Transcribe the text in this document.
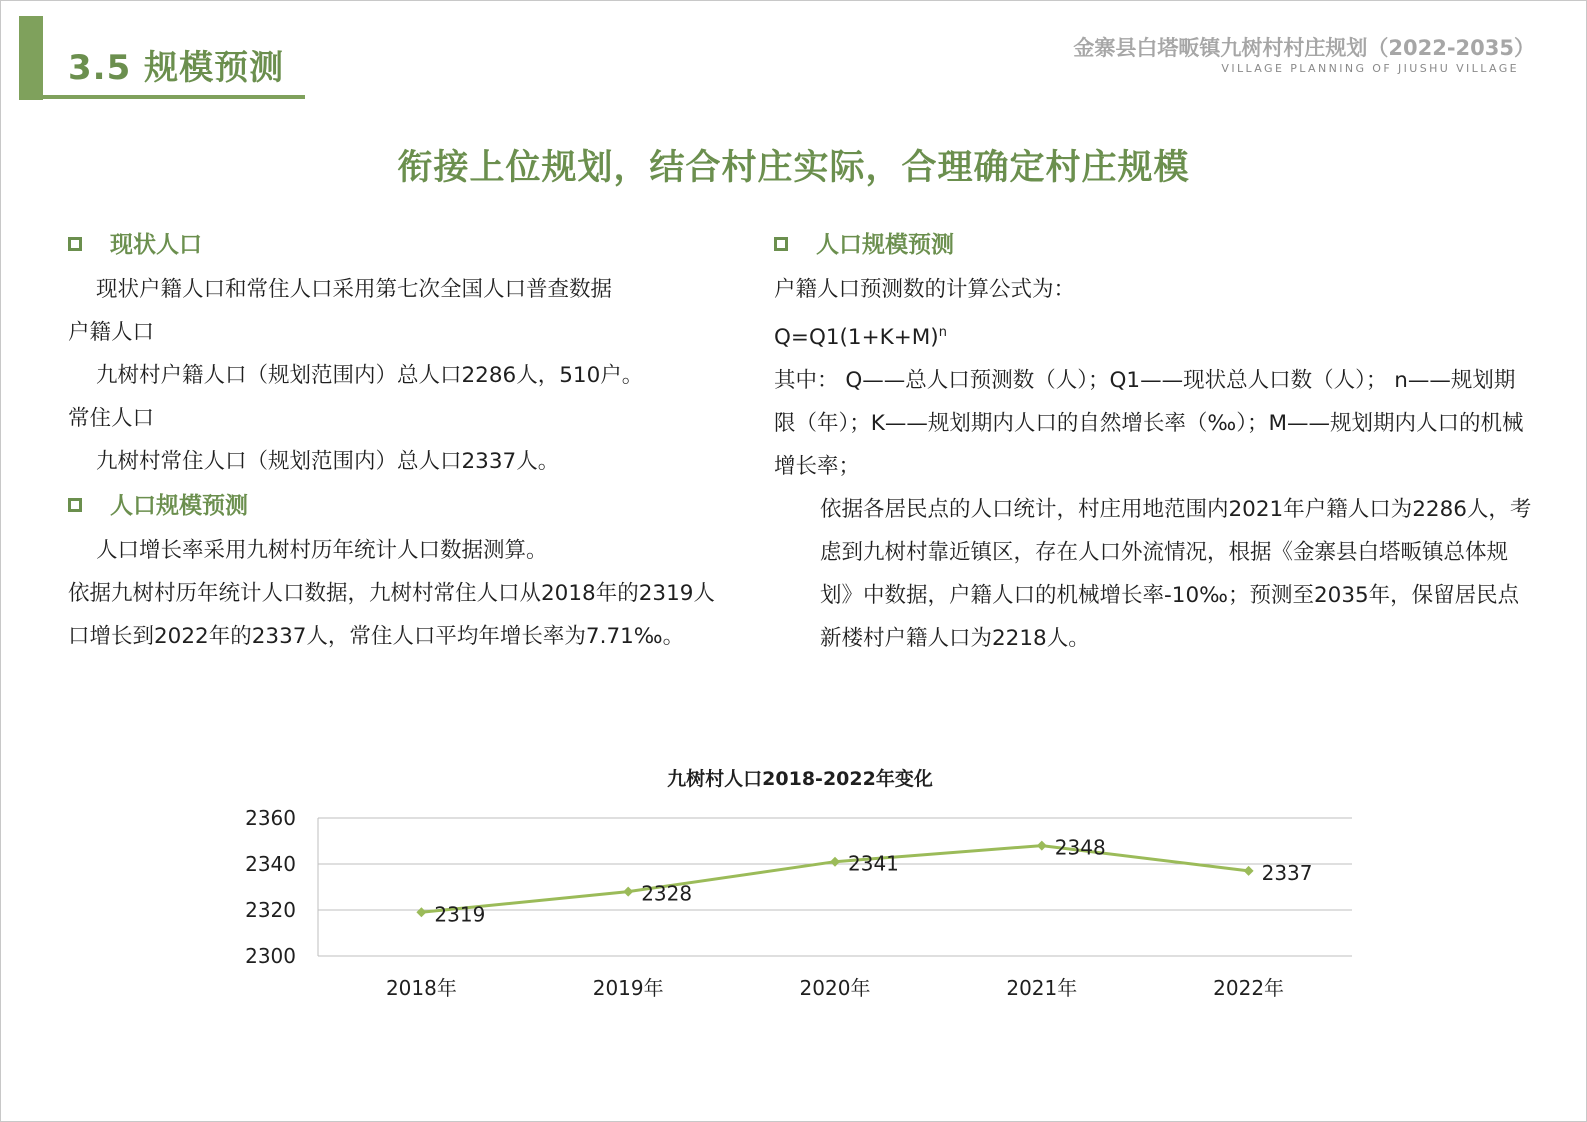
3.5 规模预测	金寨县白塔畈镇九树村村庄规划（2022-2035）
VILLAGE PLANNING OF JIUSHU VILLAGE
衔接上位规划，结合村庄实际，合理确定村庄规模
现状人口

现状户籍人口和常住人口采用第七次全国人口普查数据

户籍人口

九树村户籍人口（规划范围内）总人口2286人，510户。

常住人口

九树村常住人口（规划范围内）总人口2337人。

人口规模预测

人口增长率采用九树村历年统计人口数据测算。

依据九树村历年统计人口数据，九树村常住人口从2018年的2319人口增长到2022年的2337人，常住人口平均年增长率为7.71‰。

人口规模预测

户籍人口预测数的计算公式为：

$Q=Q1(1+K+M)^n$

其中： Q——总人口预测数（人）；Q1——现状总人口数（人）； n——规划期限（年）；K——规划期内人口的自然增长率（‰）；M——规划期内人口的机械增长率；

依据各居民点的人口统计，村庄用地范围内2021年户籍人口为2286人，考虑到九树村靠近镇区，存在人口外流情况，根据《金寨县白塔畈镇总体规划》中数据，户籍人口的机械增长率-10‰；预测至2035年，保留居民点新楼村户籍人口为2218人。

九树村人口2018-2022年变化
2300
2320
2340
2360
2018年	2019年	2020年	2021年	2022年
2319
2328
2341
2348
2337
